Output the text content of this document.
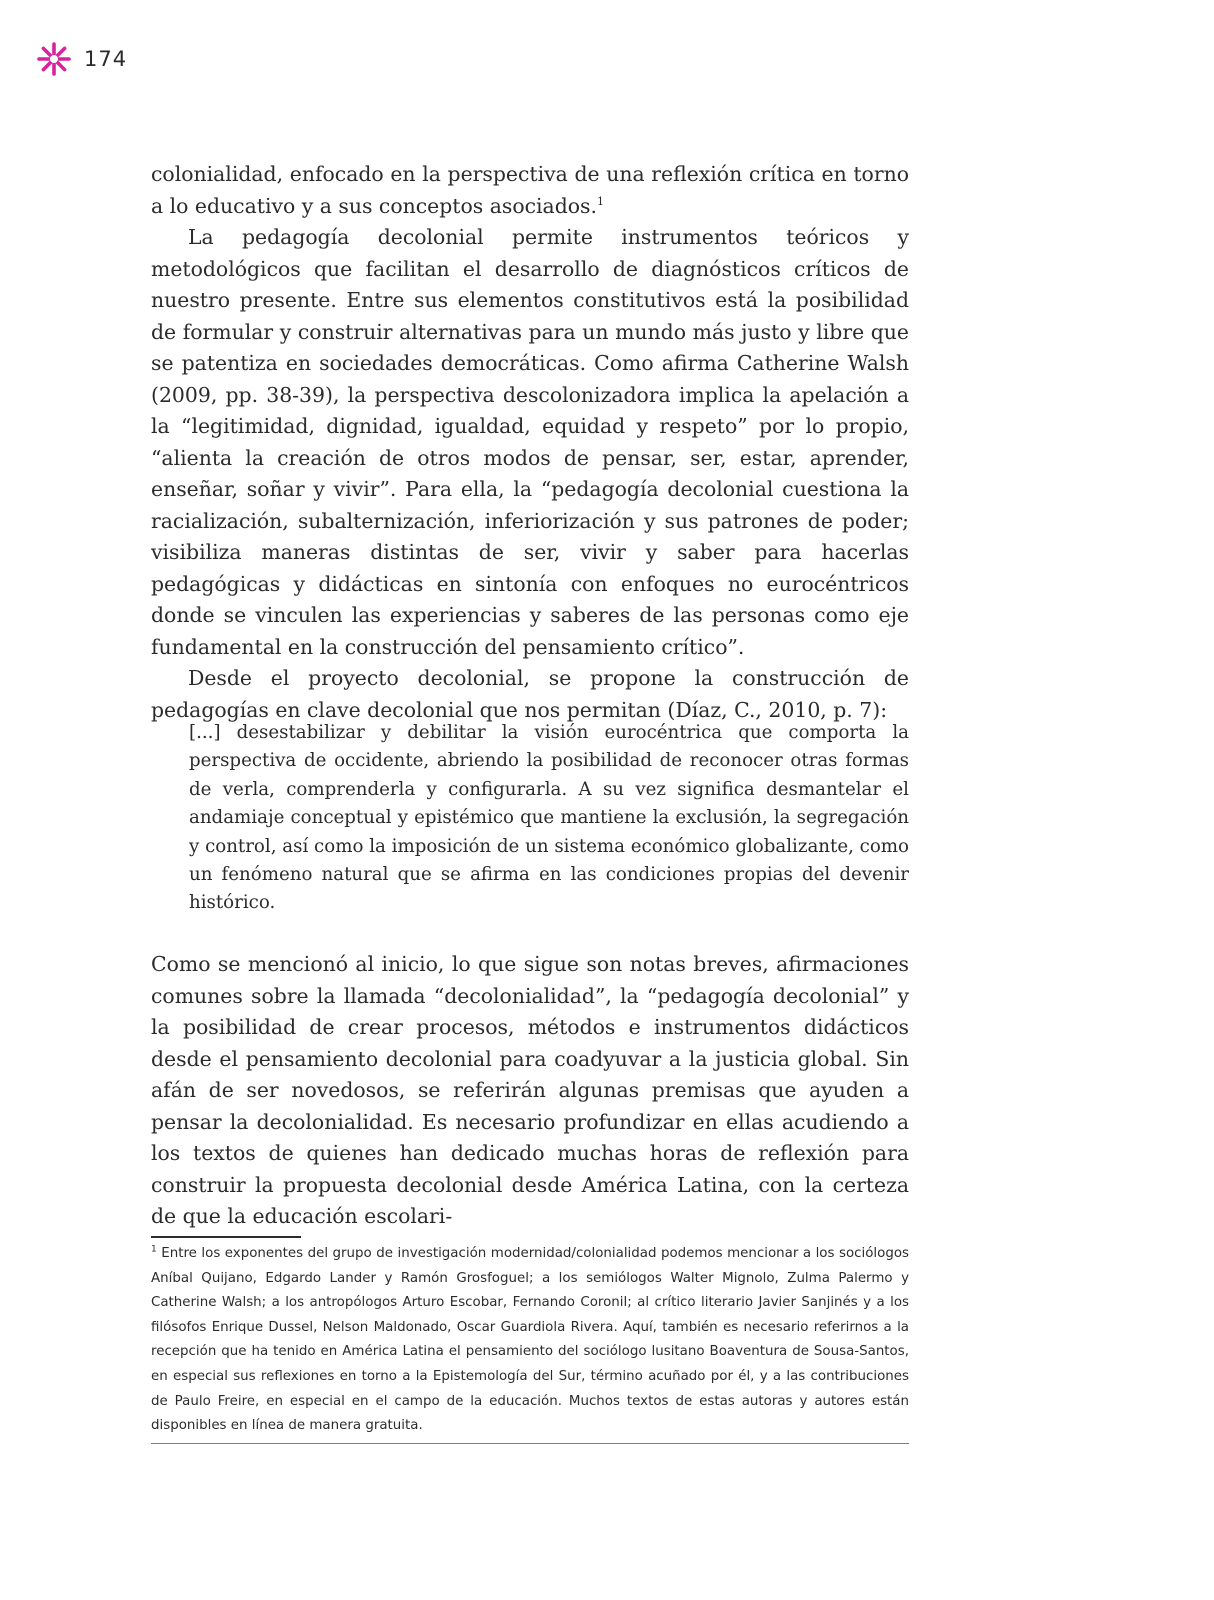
174

colonialidad, enfocado en la perspectiva de una reflexión crítica en torno a lo educativo y a sus conceptos asociados.$^1$

La pedagogía decolonial permite instrumentos teóricos y metodológicos que facilitan el desarrollo de diagnósticos críticos de nuestro presente. Entre sus elementos constitutivos está la posibilidad de formular y construir alternativas para un mundo más justo y libre que se patentiza en sociedades democráticas. Como afirma Catherine Walsh (2009, pp. 38-39), la perspectiva descolonizadora implica la apelación a la “legitimidad, dignidad, igualdad, equidad y respeto” por lo propio, “alienta la creación de otros modos de pensar, ser, estar, aprender, enseñar, soñar y vivir”. Para ella, la “pedagogía decolonial cuestiona la racialización, subalternización, inferiorización y sus patrones de poder; visibiliza maneras distintas de ser, vivir y saber para hacerlas pedagógicas y didácticas en sintonía con enfoques no eurocéntricos donde se vinculen las experiencias y saberes de las personas como eje fundamental en la construcción del pensamiento crítico”.

Desde el proyecto decolonial, se propone la construcción de pedagogías en clave decolonial que nos permitan (Díaz, C., 2010, p. 7):

[...] desestabilizar y debilitar la visión eurocéntrica que comporta la perspectiva de occidente, abriendo la posibilidad de reconocer otras formas de verla, comprenderla y configurarla. A su vez significa desmantelar el andamiaje conceptual y epistémico que mantiene la exclusión, la segregación y control, así como la imposición de un sistema económico globalizante, como un fenómeno natural que se afirma en las condiciones propias del devenir histórico.

Como se mencionó al inicio, lo que sigue son notas breves, afirmaciones comunes sobre la llamada “decolonialidad”, la “pedagogía decolonial” y la posibilidad de crear procesos, métodos e instrumentos didácticos desde el pensamiento decolonial para coadyuvar a la justicia global. Sin afán de ser novedosos, se referirán algunas premisas que ayuden a pensar la decolonialidad. Es necesario profundizar en ellas acudiendo a los textos de quienes han dedicado muchas horas de reflexión para construir la propuesta decolonial desde América Latina, con la certeza de que la educación escolari-

$^1$ Entre los exponentes del grupo de investigación modernidad/colonialidad podemos mencionar a los sociólogos Aníbal Quijano, Edgardo Lander y Ramón Grosfoguel; a los semiólogos Walter Mignolo, Zulma Palermo y Catherine Walsh; a los antropólogos Arturo Escobar, Fernando Coronil; al crítico literario Javier Sanjinés y a los filósofos Enrique Dussel, Nelson Maldonado, Oscar Guardiola Rivera. Aquí, también es necesario referirnos a la recepción que ha tenido en América Latina el pensamiento del sociólogo lusitano Boaventura de Sousa-Santos, en especial sus reflexiones en torno a la Epistemología del Sur, término acuñado por él, y a las contribuciones de Paulo Freire, en especial en el campo de la educación. Muchos textos de estas autoras y autores están disponibles en línea de manera gratuita.
